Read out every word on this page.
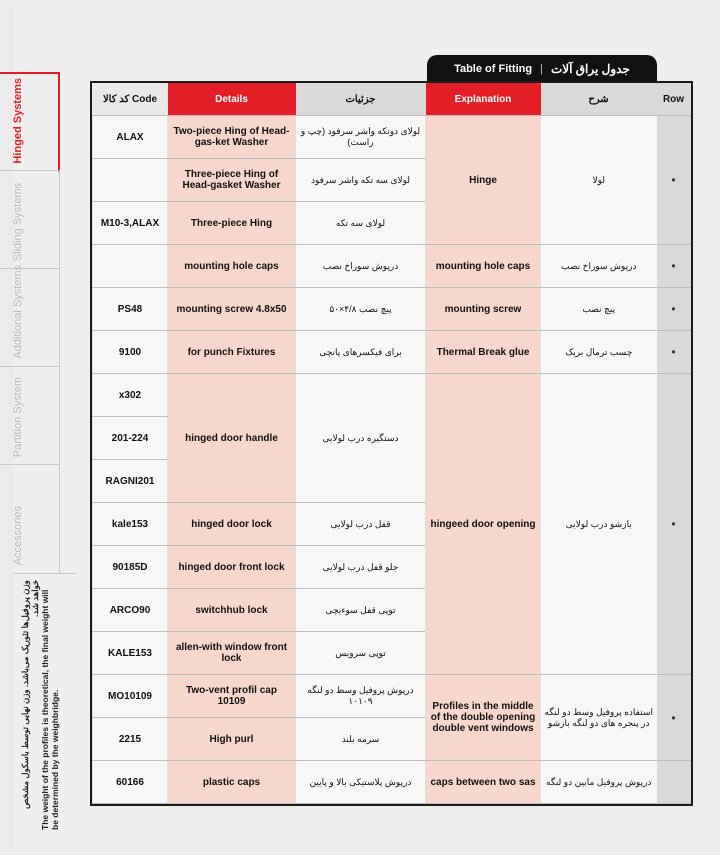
Hinged Systems
Sliding Systems
Additional Systems
Partition System
Accessories
وزن پروفیل‌ها تئوریک می‌باشد. وزن نهایی توسط باسکول مشخص خواهد شد. The weight of the profiles is theoretical, the final weight will be determined by the weighbridge.
Table of Fitting | جدول یراق آلات
کد کالا Code	Details	جزئیات	Explanation	شرح	Row
ALAX	Two-piece Hing of Head-gas-ket Washer	لولای دوتکه واشر سرفود (چپ و راست)	Hinge	لولا	•
	Three-piece Hing of Head-gasket Washer	لولای سه تکه واشر سرفود			
M10-3,ALAX	Three-piece Hing	لولای سه تکه			
	mounting hole caps	درپوش سوراخ نصب	mounting hole caps	درپوش سوراخ نصب	•
PS48	mounting screw 4.8x50	پیچ نصب ۴/۸×۵۰	mounting screw	پیچ نصب	•
9100	for punch Fixtures	برای فیکسرهای پانچی	Thermal Break glue	چسب ترمال بریک	•
x302	hinged door handle	دستگیره درب لولایی	hingeed door opening	بازشو درب لولایی	•
201-224					
RAGNI201					
kale153	hinged door lock	قفل درب لولایی			
90185D	hinged door front lock	جلو قفل درب لولایی			
ARCO90	switchhub lock	توپی قفل سوءیچی			
KALE153	allen-with window front lock	توپی سرویس			
MO10109	Two-vent profil cap 10109	درپوش پروفیل وسط دو لنگه ۱۰۱۰۹	Profiles in the middle of the double opening double vent windows	استفاده پروفیل وسط دو لنگه در پنجره های دو لنگه بازشو	•
2215	High purl	سرمه بلند			
60166	plastic caps	درپوش پلاستیکی بالا و پایین	caps between two sas	درپوش پروفیل مابین دو لنگه	
